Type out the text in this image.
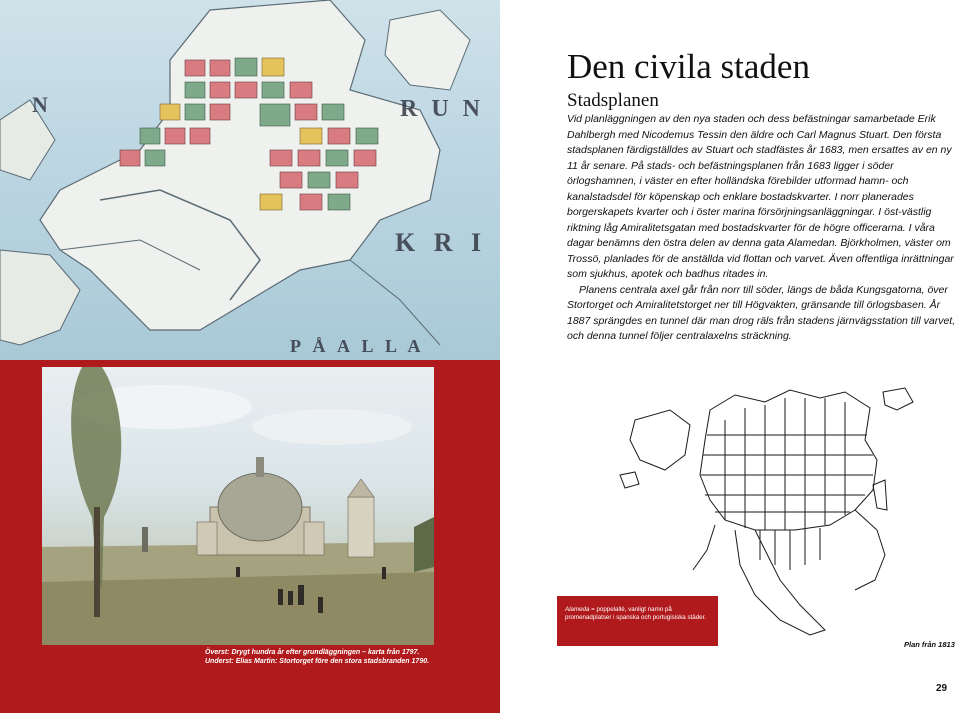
N	R U N
K R I
P Å A L L A
Överst: Drygt hundra år efter grundläggningen – karta från 1797.
Underst: Elias Martin: Stortorget före den stora stadsbranden 1790.
Den civila staden
Stadsplanen

Vid planläggningen av den nya staden och dess befästningar samarbetade Erik Dahlbergh med Nicodemus Tessin den äldre och Carl Magnus Stuart. Den första stadsplanen färdigställdes av Stuart och stadfästes år 1683, men ersattes av en ny 11 år senare. På stads- och befästningsplanen från 1683 ligger i söder örlogshamnen, i väster en efter holländska förebilder utformad hamn- och kanalstadsdel för köpenskap och enklare bostadskvarter. I norr planerades borgerskapets kvarter och i öster marina försörjningsanläggningar. I öst-västlig riktning låg Amiralitetsgatan med bostadskvarter för de högre officerarna. I våra dagar benämns den östra delen av denna gata Alamedan. Björkholmen, väster om Trossö, planlades för de anställda vid flottan och varvet. Även offentliga inrättningar som sjukhus, apotek och badhus ritades in.

Planens centrala axel går från norr till söder, längs de båda Kungsgatorna, över Stortorget och Amiralitetstorget ner till Högvakten, gränsande till örlogsbasen. År 1887 sprängdes en tunnel där man drog räls från stadens järnvägsstation till varvet, och denna tunnel följer centralaxelns sträckning.

Alameda = poppelallé, vanligt namn på promenadplatser i spanska och portugisiska städer.
Plan från 1813
29
